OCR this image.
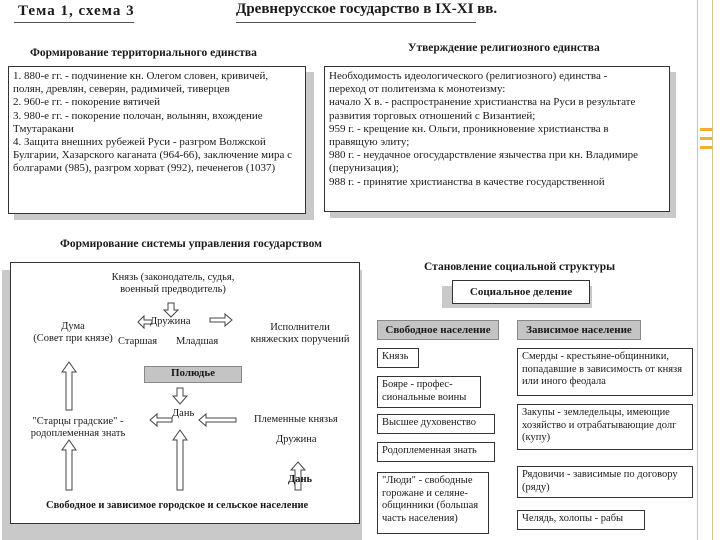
Тема 1, схема 3	Древнерусское государство в IX-XI вв.
Формирование территориального единства
1. 880-е гг. - подчинение кн. Олегом словен, кривичей,
полян, древлян, северян, радимичей, тиверцев
2. 960-е гг. - покорение вятичей
3. 980-е гг. - покорение полочан, волынян, вхождение
Тмутаракани
4. Защита внешних рубежей Руси - разгром Волжской
Булгарии, Хазарского каганата (964-66), заключение мира с
болгарами (985), разгром хорват (992), печенегов (1037)
Утверждение религиозного единства
Необходимость идеологического (религиозного) единства -
переход от политеизма к монотеизму:
начало X в. - распространение христианства на Руси в результате
развития торговых отношений с Византией;
959 г. - крещение кн. Ольги, проникновение христианства в
правящую элиту;
980 г. - неудачное огосударствление язычества при кн. Владимире
(перунизация);
988 г. - принятие христианства в качестве государственной
Формирование системы управления государством
Князь (законодатель, судья,
военный предводитель)
Дума
(Совет при князе)
Дружина
Старшая Младшая
Исполнители
княжеских поручений
Полюдье
Дань
"Старцы градские" -
родоплеменная знать
Племенные князья
Дружина
Дань
Свободное и зависимое городское и сельское население
Становление социальной структуры
Социальное деление
Свободное население	Зависимое население
Князь
Бояре - профес-
сиональные воины
Высшее духовенство
Родоплеменная знать
"Люди" - свободные
горожане и селяне-
общинники (большая
часть населения)
Смерды - крестьяне-общинники,
попадавшие в зависимость от князя
или иного феодала
Закупы - земледельцы, имеющие
хозяйство и отрабатывающие долг
(купу)
Рядовичи - зависимые по договору
(ряду)
Челядь, холопы - рабы
